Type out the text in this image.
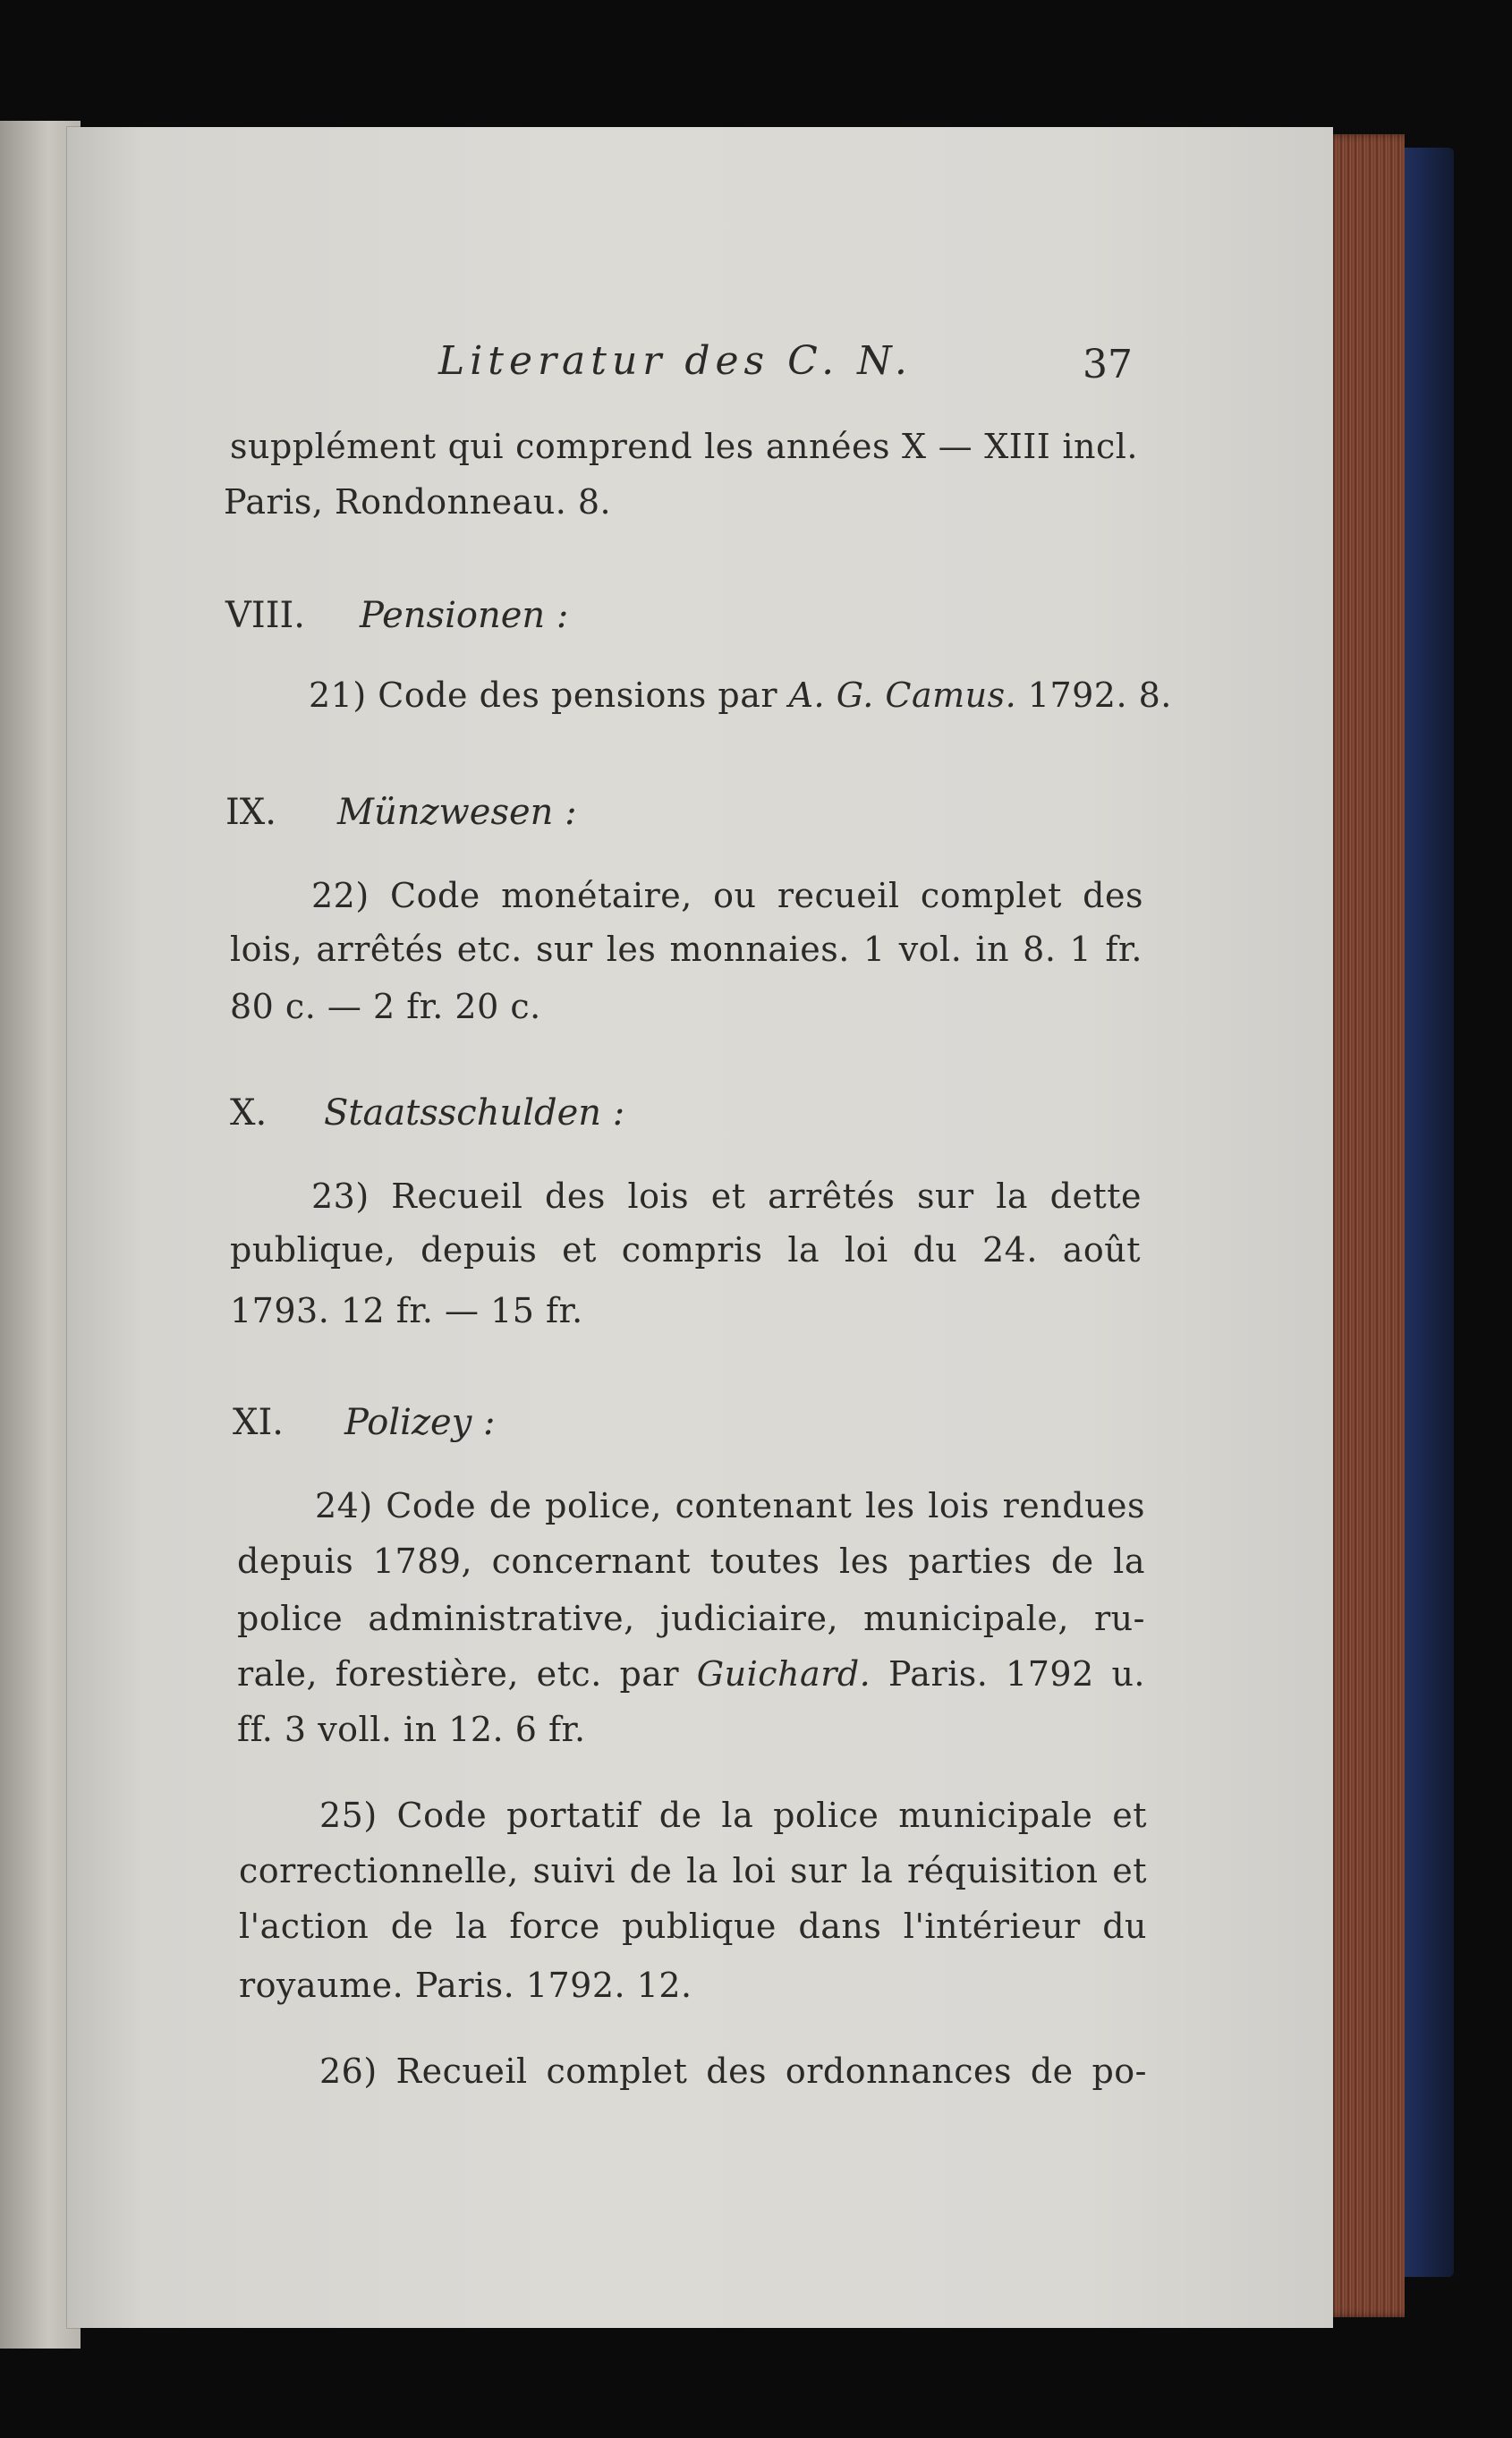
Literatur des C. N.	37
supplément qui comprend les années X — XIII incl.
Paris, Rondonneau. 8.
VIII. Pensionen :
21) Code des pensions par A. G. Camus. 1792. 8.
IX. Münzwesen :
22) Code monétaire, ou recueil complet des
lois, arrêtés etc. sur les monnaies. 1 vol. in 8. 1 fr.
80 c. — 2 fr. 20 c.
X. Staatsschulden :
23) Recueil des lois et arrêtés sur la dette
publique, depuis et compris la loi du 24. août
1793. 12 fr. — 15 fr.
XI. Polizey :
24) Code de police, contenant les lois rendues
depuis 1789, concernant toutes les parties de la
police administrative, judiciaire, municipale, ru-
rale, forestière, etc. par Guichard. Paris. 1792 u.
ff. 3 voll. in 12. 6 fr.
25) Code portatif de la police municipale et
correctionnelle, suivi de la loi sur la réquisition et
l'action de la force publique dans l'intérieur du
royaume. Paris. 1792. 12.
26) Recueil complet des ordonnances de po-
